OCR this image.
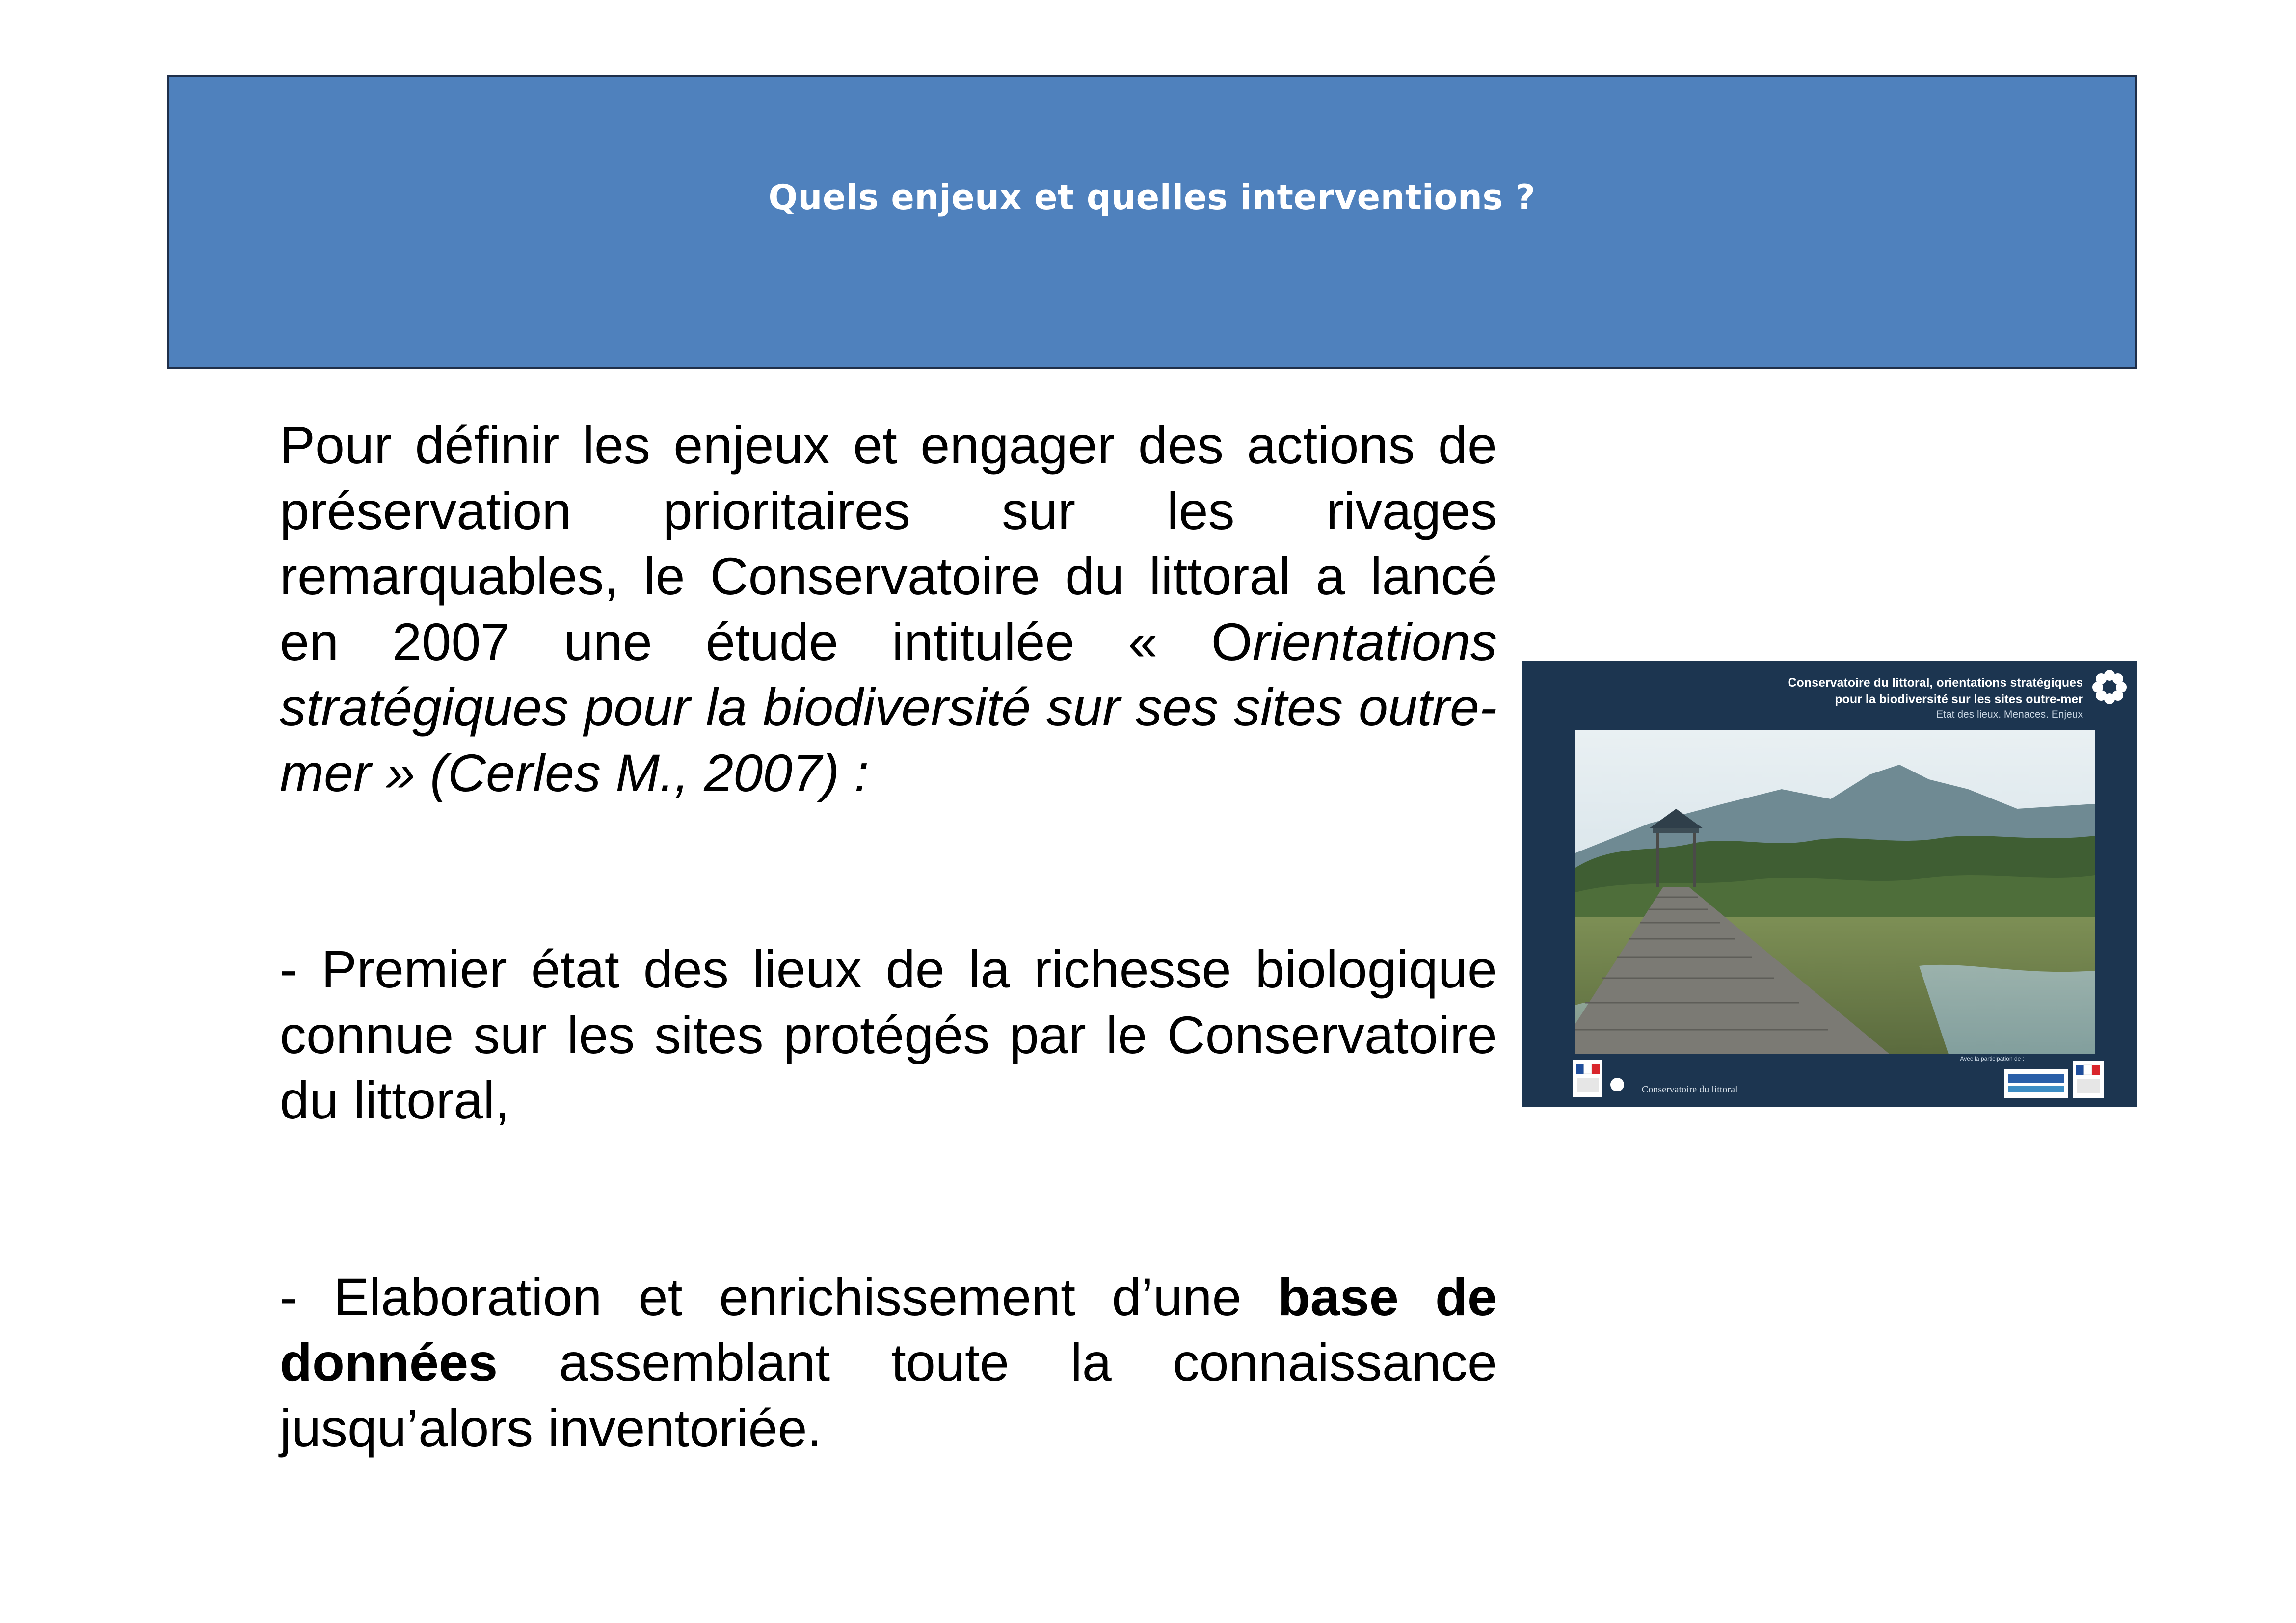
Quels enjeux et quelles interventions ?

Pour définir les enjeux et engager des actions de préservation prioritaires sur les rivages remarquables, le Conservatoire du littoral a lancé en 2007 une étude intitulée « Orientations stratégiques pour la biodiversité sur ses sites outre-mer » (Cerles M., 2007) :

- Premier état des lieux de la richesse biologique connue sur les sites protégés par le Conservatoire du littoral,

- Elaboration et enrichissement d’une base de données assemblant toute la connaissance jusqu’alors inventoriée.

Conservatoire du littoral, orientations stratégiques
pour la biodiversité sur les sites outre-mer
Etat des lieux. Menaces. Enjeux
Conservatoire du littoral
Avec la participation de :
